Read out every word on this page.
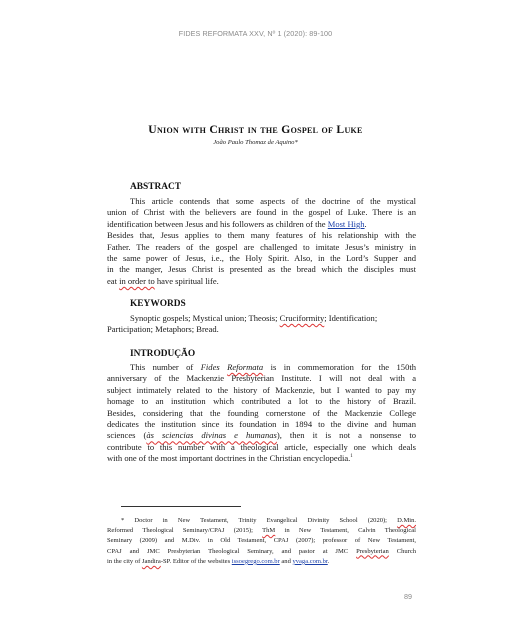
FIDES REFORMATA XXV, Nº 1 (2020): 89-100
Union with Christ in the Gospel of Luke
João Paulo Thomaz de Aquino*
ABSTRACT
This article contends that some aspects of the doctrine of the mystical
union of Christ with the believers are found in the gospel of Luke. There is an
identification between Jesus and his followers as children of the Most High.
Besides that, Jesus applies to them many features of his relationship with the
Father. The readers of the gospel are challenged to imitate Jesus’s ministry in
the same power of Jesus, i.e., the Holy Spirit. Also, in the Lord’s Supper and
in the manger, Jesus Christ is presented as the bread which the disciples must
eat in order to have spiritual life.
KEYWORDS
Synoptic gospels; Mystical union; Theosis; Cruciformity; Identification;
Participation; Metaphors; Bread.
INTRODUÇÃO
This number of Fides Reformata is in commemoration for the 150th
anniversary of the Mackenzie Presbyterian Institute. I will not deal with a
subject intimately related to the history of Mackenzie, but I wanted to pay my
homage to an institution which contributed a lot to the history of Brazil.
Besides, considering that the founding cornerstone of the Mackenzie College
dedicates the institution since its foundation in 1894 to the divine and human
sciences (às sciencias divinas e humanas), then it is not a nonsense to
contribute to this number with a theological article, especially one which deals
with one of the most important doctrines in the Christian encyclopedia.$^1$
* Doctor in New Testament, Trinity Evangelical Divinity School (2020); D.Min.
Reformed Theological Seminary/CPAJ (2015); ThM in New Testament, Calvin Theological
Seminary (2009) and M.Div. in Old Testament, CPAJ (2007); professor of New Testament,
CPAJ and JMC Presbyterian Theological Seminary, and pastor at JMC Presbyterian Church
in the city of Jandira-SP. Editor of the websites issoegrego.com.br and yvaga.com.br.
89
